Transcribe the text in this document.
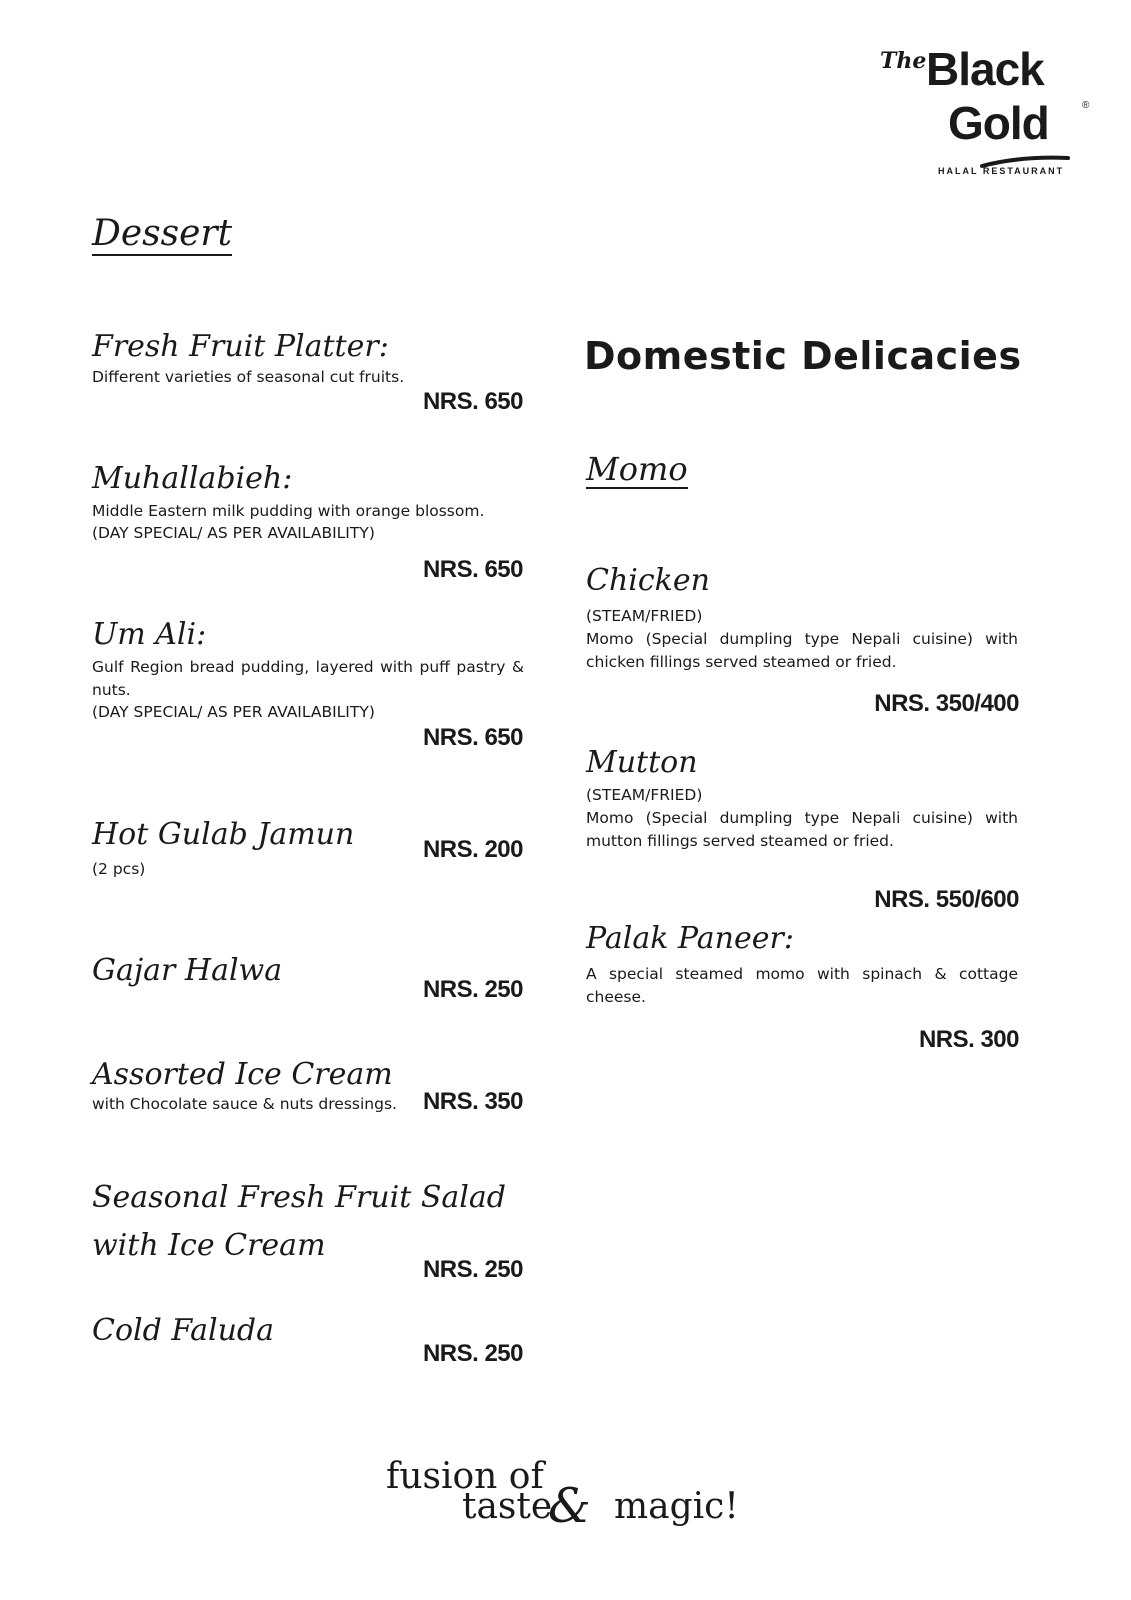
The Black
Gold	®
HALAL RESTAURANT
Dessert
Fresh Fruit Platter:
Different varieties of seasonal cut fruits.
NRS. 650
Muhallabieh:
Middle Eastern milk pudding with orange blossom.
(DAY SPECIAL/ AS PER AVAILABILITY)
NRS. 650
Um Ali:
Gulf Region bread pudding, layered with puff pastry & nuts.
(DAY SPECIAL/ AS PER AVAILABILITY)
NRS. 650
Hot Gulab Jamun
(2 pcs)
NRS. 200
Gajar Halwa
NRS. 250
Assorted Ice Cream
with Chocolate sauce & nuts dressings.	NRS. 350
Seasonal Fresh Fruit Salad with Ice Cream
NRS. 250
Cold Faluda
NRS. 250
Domestic Delicacies
Momo
Chicken
(STEAM/FRIED)
Momo (Special dumpling type Nepali cuisine) with chicken fillings served steamed or fried.
NRS. 350/400
Mutton
(STEAM/FRIED)
Momo (Special dumpling type Nepali cuisine) with mutton fillings served steamed or fried.
NRS. 550/600
Palak Paneer:
A special steamed momo with spinach & cottage cheese.
NRS. 300
fusion of
taste
& magic!
